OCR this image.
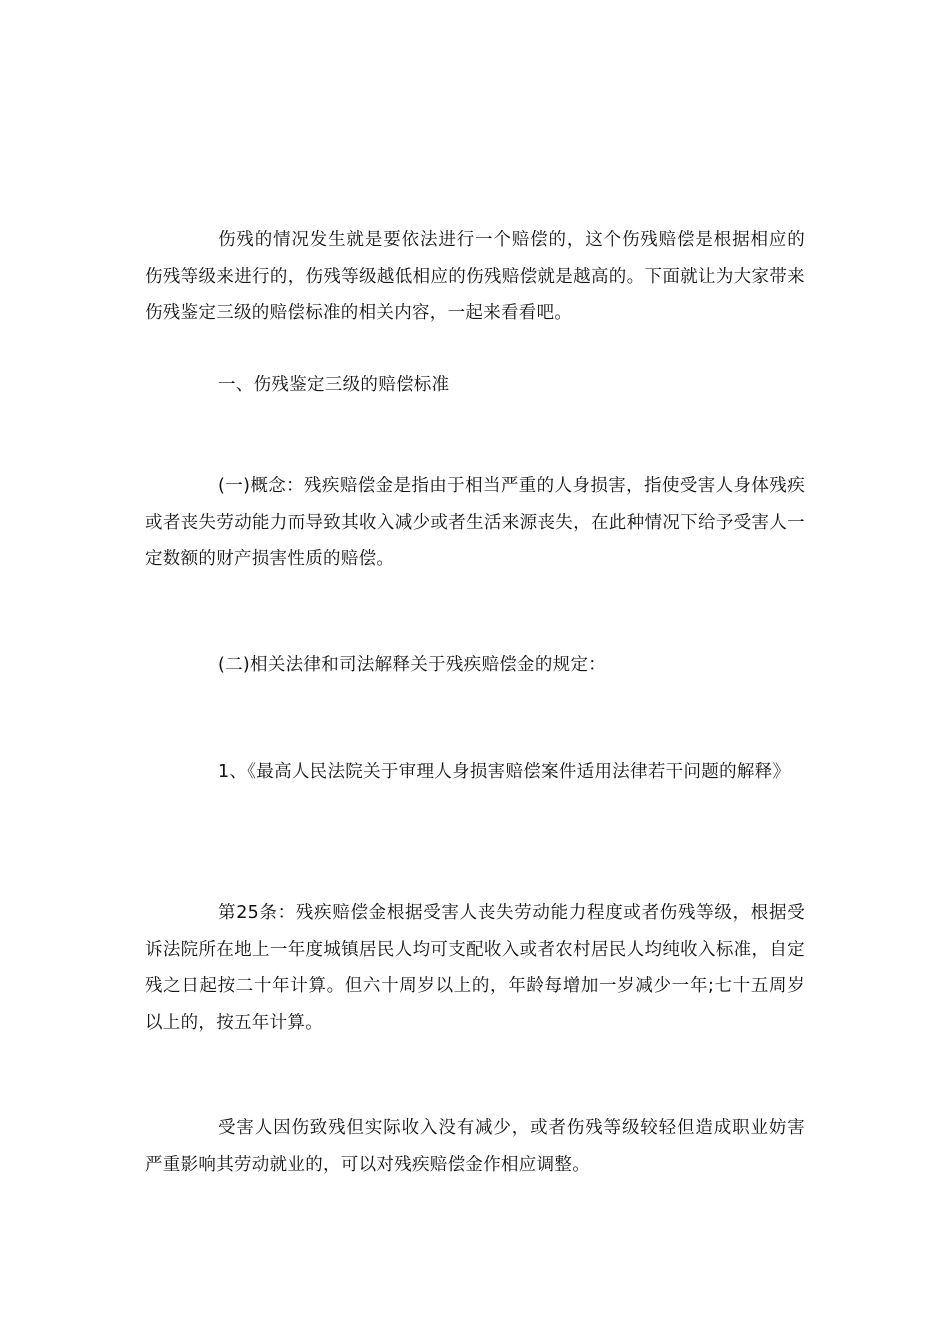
伤残的情况发生就是要依法进行一个赔偿的，这个伤残赔偿是根据相应的伤残等级来进行的，伤残等级越低相应的伤残赔偿就是越高的。下面就让为大家带来伤残鉴定三级的赔偿标准的相关内容，一起来看看吧。

一、伤残鉴定三级的赔偿标准

(一)概念：残疾赔偿金是指由于相当严重的人身损害，指使受害人身体残疾或者丧失劳动能力而导致其收入减少或者生活来源丧失，在此种情况下给予受害人一定数额的财产损害性质的赔偿。

(二)相关法律和司法解释关于残疾赔偿金的规定：

1、《最高人民法院关于审理人身损害赔偿案件适用法律若干问题的解释》

第25条：残疾赔偿金根据受害人丧失劳动能力程度或者伤残等级，根据受诉法院所在地上一年度城镇居民人均可支配收入或者农村居民人均纯收入标准，自定残之日起按二十年计算。但六十周岁以上的，年龄每增加一岁减少一年;七十五周岁以上的，按五年计算。

受害人因伤致残但实际收入没有减少，或者伤残等级较轻但造成职业妨害严重影响其劳动就业的，可以对残疾赔偿金作相应调整。
